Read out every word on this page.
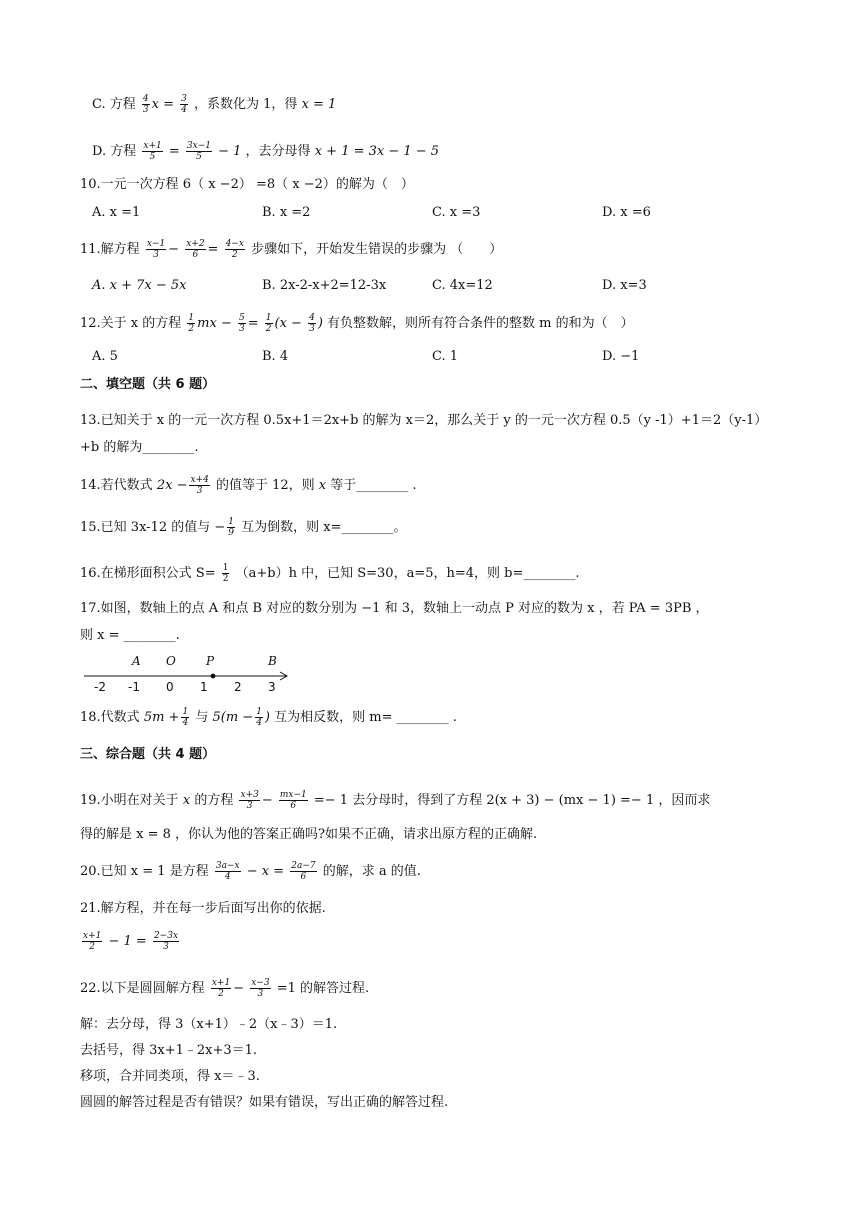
C. 方程 $\frac{4}{3}$ $x = \frac{3}{4}$ ，系数化为 1，得 x = 1
D. 方程 $\frac{x+1}{5} = \frac{3x-1}{5} - 1$ ，去分母得 x + 1 = 3x − 1 − 5
10.一元一次方程 6（ x −2） =8（ x −2）的解为（　）
A. x =1	B. x =2	C. x =3	D. x =6
11.解方程 $\frac{x-1}{3} - \frac{x+2}{6} = \frac{4-x}{2}$ 步骤如下，开始发生错误的步骤为 （　　）
A. x + 7x − 5x	B. 2x-2-x+2=12-3x	C. 4x=12	D. x=3
12.关于 x 的方程 $\frac{1}{2}$ mx − $\frac{5}{3} = \frac{1}{2} (x - \frac{4}{3}$ ) 有负整数解，则所有符合条件的整数 m 的和为（　）
A. 5	B. 4	C. 1	D. −1
二、填空题（共 6 题）
13.已知关于 x 的一元一次方程 0.5x+1＝2x+b 的解为 x＝2，那么关于 y 的一元一次方程 0.5（y -1）+1＝2（y-1）
+b 的解为________.
14.若代数式 $2x - \frac{x+4}{3}$ 的值等于 12，则 x 等于________ .
15.已知 3x-12 的值与 − $\frac{1}{9}$ 互为倒数，则 x=________。
16.在梯形面积公式 $S= \frac{1}{2} (a+b)h$ 中，已知 S=30，a=5，h=4，则 b=________.
17.如图，数轴上的点 A 和点 B 对应的数分别为 −1 和 3，数轴上一动点 P 对应的数为 x ，若 PA = 3PB ，
则 x = ________.
A O	P	B
-2 -1 0 1 2 3
18.代数式 $5m + \frac{1}{4}$ 与 $5(m - \frac{1}{4}$ ) 互为相反数，则 m= ________ .
三、综合题（共 4 题）
19.小明在对关于 x 的方程 $\frac{x+3}{3} - \frac{mx-1}{6} =- 1$ 去分母时，得到了方程 2(x + 3) − (mx − 1) =− 1 ，因而求
得的解是 x = 8 ，你认为他的答案正确吗?如果不正确，请求出原方程的正确解.
20.已知 x = 1 是方程 $\frac{3a-x}{4} - x = \frac{2a-7}{6}$ 的解，求 a 的值.
21.解方程，并在每一步后面写出你的依据.
$\frac{x+1}{2} - 1 = \frac{2-3x}{3}$
22.以下是圆圆解方程 $\frac{x+1}{2} - \frac{x-3}{3} =1$ 的解答过程.
解：去分母，得 3（x+1）﹣2（x﹣3）＝1.
去括号，得 3x+1﹣2x+3＝1.
移项，合并同类项，得 x＝﹣3.
圆圆的解答过程是否有错误？如果有错误，写出正确的解答过程.
